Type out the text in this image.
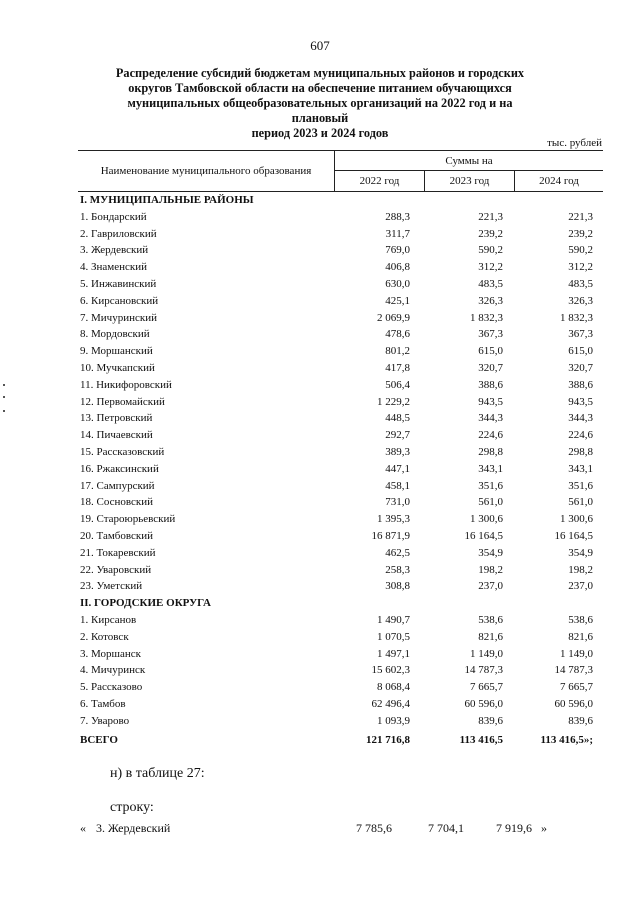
607
Распределение субсидий бюджетам муниципальных районов и городских
округов Тамбовской области на обеспечение питанием обучающихся
муниципальных общеобразовательных организаций на 2022 год и на плановый
период 2023 и 2024 годов
тыс. рублей
Наименование муниципального образования
Суммы на
2022 год	2023 год	2024 год
I. МУНИЦИПАЛЬНЫЕ РАЙОНЫ
1. Бондарский	288,3	221,3	221,3
2. Гавриловский	311,7	239,2	239,2
3. Жердевский	769,0	590,2	590,2
4. Знаменский	406,8	312,2	312,2
5. Инжавинский	630,0	483,5	483,5
6. Кирсановский	425,1	326,3	326,3
7. Мичуринский	2 069,9	1 832,3	1 832,3
8. Мордовский	478,6	367,3	367,3
9. Моршанский	801,2	615,0	615,0
10. Мучкапский	417,8	320,7	320,7
11. Никифоровский	506,4	388,6	388,6
12. Первомайский	1 229,2	943,5	943,5
13. Петровский	448,5	344,3	344,3
14. Пичаевский	292,7	224,6	224,6
15. Рассказовский	389,3	298,8	298,8
16. Ржаксинский	447,1	343,1	343,1
17. Сампурский	458,1	351,6	351,6
18. Сосновский	731,0	561,0	561,0
19. Староюрьевский	1 395,3	1 300,6	1 300,6
20. Тамбовский	16 871,9	16 164,5	16 164,5
21. Токаревский	462,5	354,9	354,9
22. Уваровский	258,3	198,2	198,2
23. Уметский	308,8	237,0	237,0
II. ГОРОДСКИЕ ОКРУГА
1. Кирсанов	1 490,7	538,6	538,6
2. Котовск	1 070,5	821,6	821,6
3. Моршанск	1 497,1	1 149,0	1 149,0
4. Мичуринск	15 602,3	14 787,3	14 787,3
5. Рассказово	8 068,4	7 665,7	7 665,7
6. Тамбов	62 496,4	60 596,0	60 596,0
7. Уварово	1 093,9	839,6	839,6
ВСЕГО	121 716,8	113 416,5	113 416,5»;
н) в таблице 27:
строку:
« 3. Жердевский	7 785,6	7 704,1	7 919,6 »
